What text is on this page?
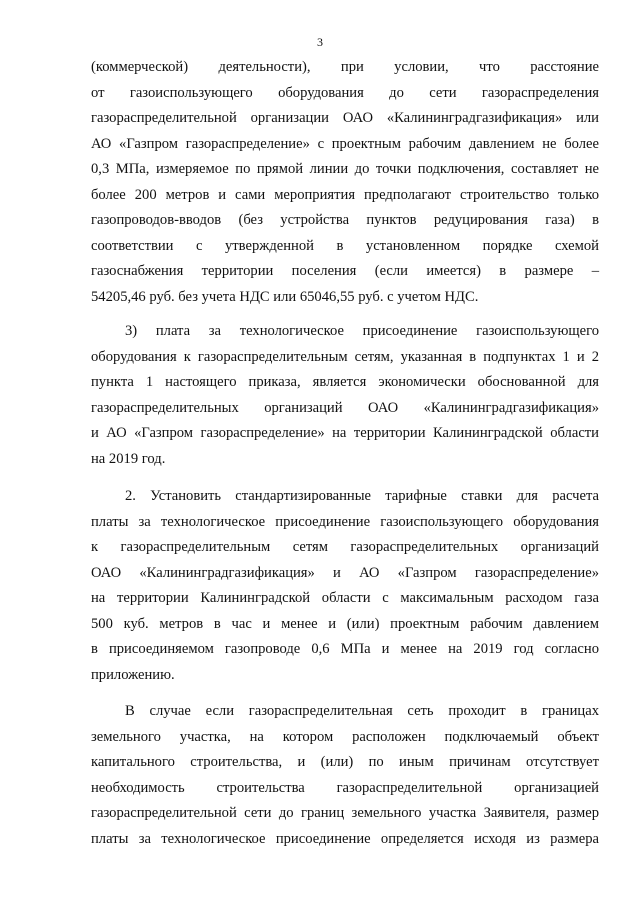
3

(коммерческой) деятельности), при условии, что расстояние
от газоиспользующего оборудования до сети газораспределения
газораспределительной организации ОАО «Калининградгазификация» или
АО «Газпром газораспределение» с проектным рабочим давлением не более
0,3 МПа, измеряемое по прямой линии до точки подключения, составляет не
более 200 метров и сами мероприятия предполагают строительство только
газопроводов-вводов (без устройства пунктов редуцирования газа) в
соответствии с утвержденной в установленном порядке схемой
газоснабжения территории поселения (если имеется) в размере –
54205,46 руб. без учета НДС или 65046,55 руб. с учетом НДС.

3) плата за технологическое присоединение газоиспользующего
оборудования к газораспределительным сетям, указанная в подпунктах 1 и 2
пункта 1 настоящего приказа, является экономически обоснованной для
газораспределительных организаций ОАО «Калининградгазификация»
и АО «Газпром газораспределение» на территории Калининградской области
на 2019 год.

2. Установить стандартизированные тарифные ставки для расчета
платы за технологическое присоединение газоиспользующего оборудования
к газораспределительным сетям газораспределительных организаций
ОАО «Калининградгазификация» и АО «Газпром газораспределение»
на территории Калининградской области с максимальным расходом газа
500 куб. метров в час и менее и (или) проектным рабочим давлением
в присоединяемом газопроводе 0,6 МПа и менее на 2019 год согласно
приложению.

В случае если газораспределительная сеть проходит в границах
земельного участка, на котором расположен подключаемый объект
капитального строительства, и (или) по иным причинам отсутствует
необходимость строительства газораспределительной организацией
газораспределительной сети до границ земельного участка Заявителя, размер
платы за технологическое присоединение определяется исходя из размера
